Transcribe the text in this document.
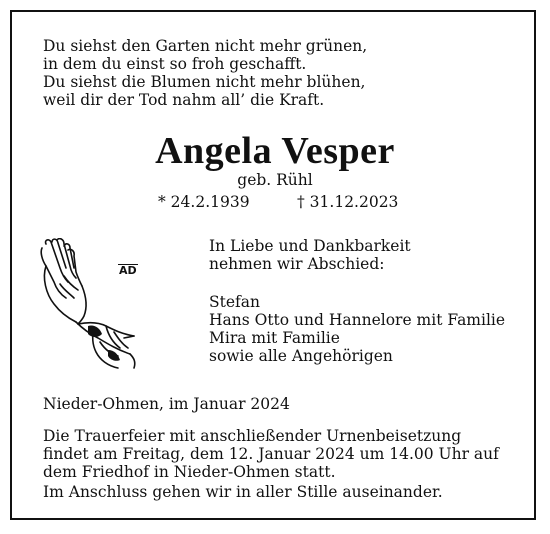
Du siehst den Garten nicht mehr grünen,
in dem du einst so froh geschafft.
Du siehst die Blumen nicht mehr blühen,
weil dir der Tod nahm all’ die Kraft.
Angela Vesper
geb. Rühl
* 24.2.1939	† 31.12.2023
AD
In Liebe und Dankbarkeit
nehmen wir Abschied:
Stefan
Hans Otto und Hannelore mit Familie
Mira mit Familie
sowie alle Angehörigen
Nieder-Ohmen, im Januar 2024
Die Trauerfeier mit anschließender Urnenbeisetzung
findet am Freitag, dem 12. Januar 2024 um 14.00 Uhr auf
dem Friedhof in Nieder-Ohmen statt.
Im Anschluss gehen wir in aller Stille auseinander.
